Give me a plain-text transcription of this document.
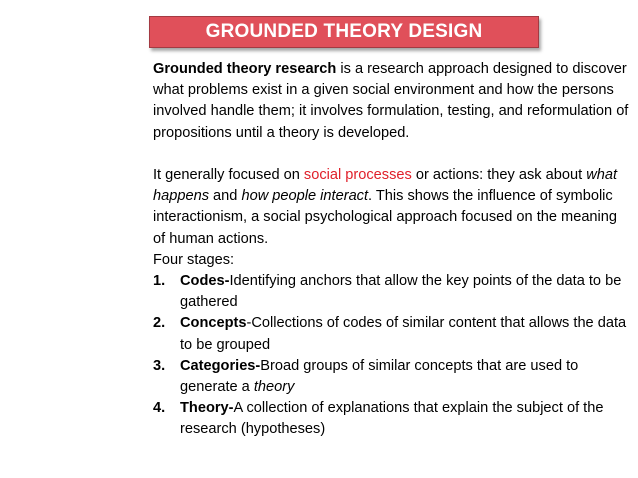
GROUNDED THEORY DESIGN

Grounded theory research is a research approach designed to discover what problems exist in a given social environment and how the persons involved handle them; it involves formulation, testing, and reformulation of propositions until a theory is developed.

It generally focused on social processes or actions: they ask about what happens and how people interact. This shows the influence of symbolic interactionism, a social psychological approach focused on the meaning of human actions.

Four stages:

1. Codes-Identifying anchors that allow the key points of the data to be gathered
2. Concepts-Collections of codes of similar content that allows the data to be grouped
3. Categories-Broad groups of similar concepts that are used to generate a theory
4. Theory-A collection of explanations that explain the subject of the research (hypotheses)
